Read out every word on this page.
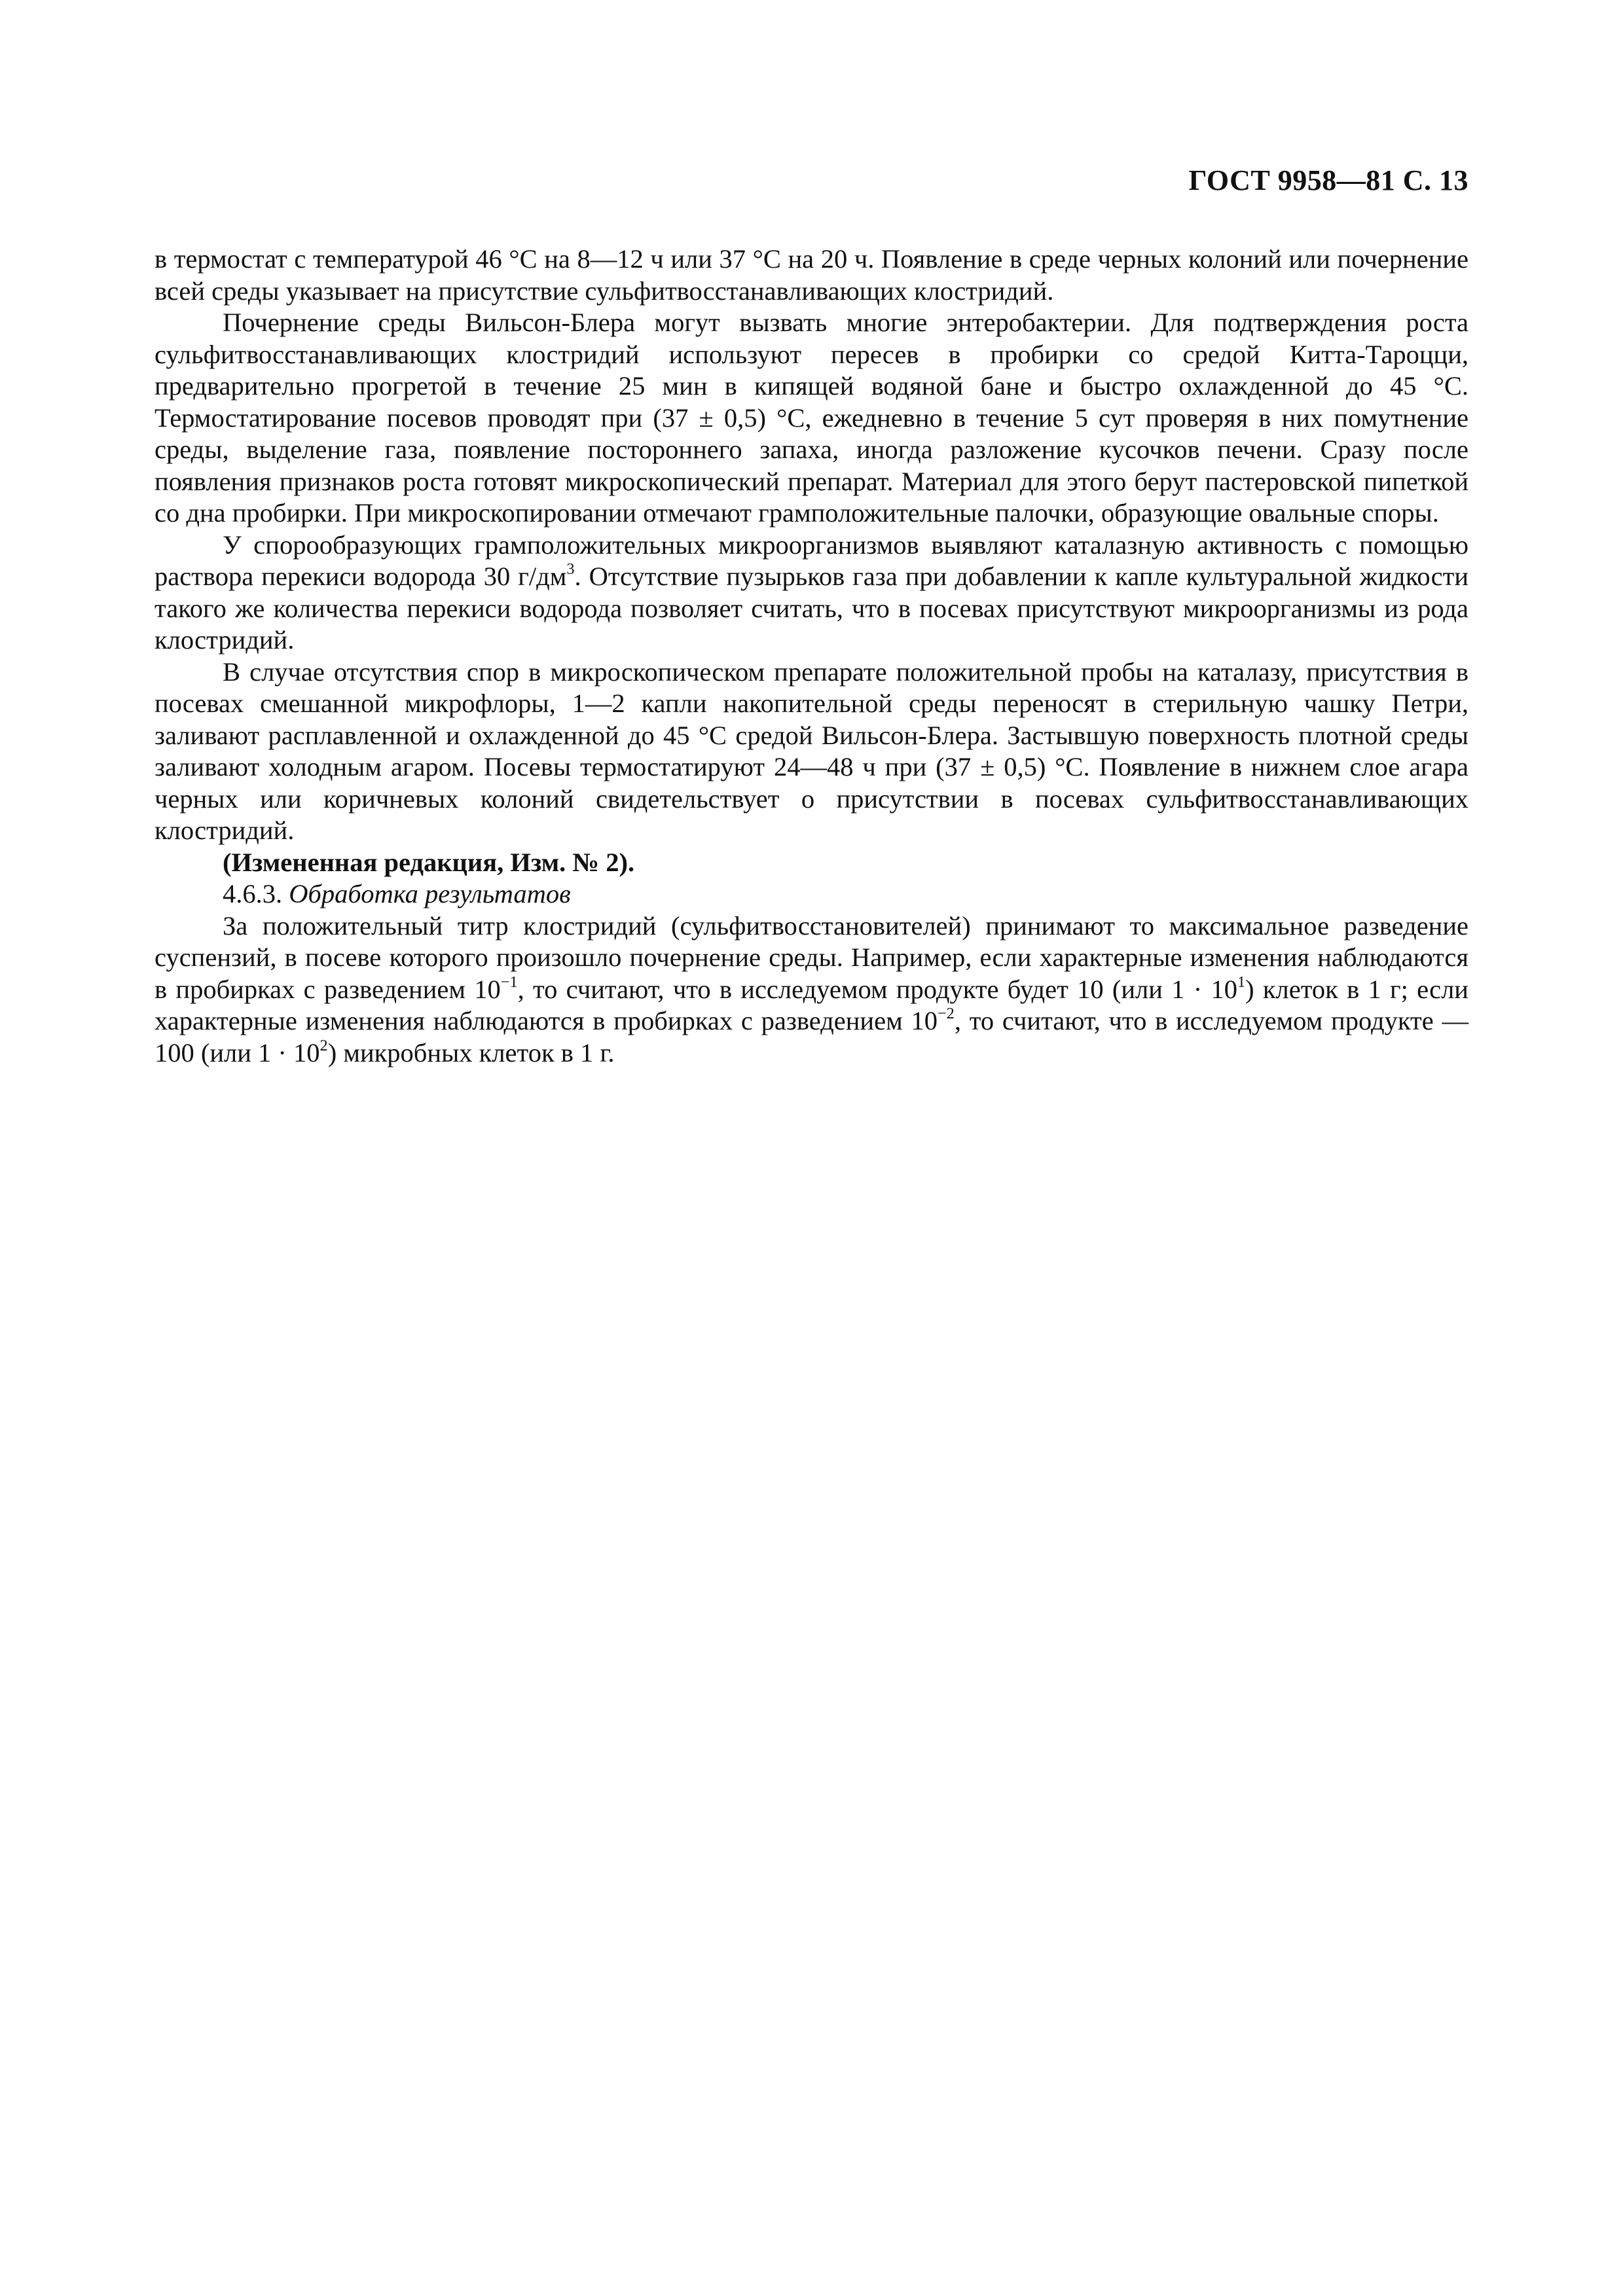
ГОСТ 9958—81 С. 13

в термостат с температурой 46 °С на 8—12 ч или 37 °С на 20 ч. Появление в среде черных колоний или почернение всей среды указывает на присутствие сульфитвосстанавливающих клостридий.

Почернение среды Вильсон-Блера могут вызвать многие энтеробактерии. Для подтверждения роста сульфитвосстанавливающих клостридий используют пересев в пробирки со средой Китта-Тароцци, предварительно прогретой в течение 25 мин в кипящей водяной бане и быстро охлажденной до 45 °С. Термостатирование посевов проводят при (37 ± 0,5) °С, ежедневно в течение 5 сут проверяя в них помутнение среды, выделение газа, появление постороннего запаха, иногда разложение кусочков печени. Сразу после появления признаков роста готовят микроскопический препарат. Материал для этого берут пастеровской пипеткой со дна пробирки. При микроскопировании отмечают грамположительные палочки, образующие овальные споры.

У спорообразующих грамположительных микроорганизмов выявляют каталазную активность с помощью раствора перекиси водорода 30 $г/дм^3$. Отсутствие пузырьков газа при добавлении к капле культуральной жидкости такого же количества перекиси водорода позволяет считать, что в посевах присутствуют микроорганизмы из рода клостридий.

В случае отсутствия спор в микроскопическом препарате положительной пробы на каталазу, присутствия в посевах смешанной микрофлоры, 1—2 капли накопительной среды переносят в стерильную чашку Петри, заливают расплавленной и охлажденной до 45 °С средой Вильсон-Блера. Застывшую поверхность плотной среды заливают холодным агаром. Посевы термостатируют 24—48 ч при (37 ± 0,5) °С. Появление в нижнем слое агара черных или коричневых колоний свидетельствует о присутствии в посевах сульфитвосстанавливающих клостридий.

(Измененная редакция, Изм. № 2).

4.6.3. Обработка результатов

За положительный титр клостридий (сульфитвосстановителей) принимают то максимальное разведение суспензий, в посеве которого произошло почернение среды. Например, если характерные изменения наблюдаются в пробирках с разведением $10^{-1}$, то считают, что в исследуемом продукте будет 10 (или $1 \cdot 10^1$) клеток в 1 г; если характерные изменения наблюдаются в пробирках с разведением $10^{-2}$, то считают, что в исследуемом продукте — 100 (или $1 \cdot 10^2$) микробных клеток в 1 г.
